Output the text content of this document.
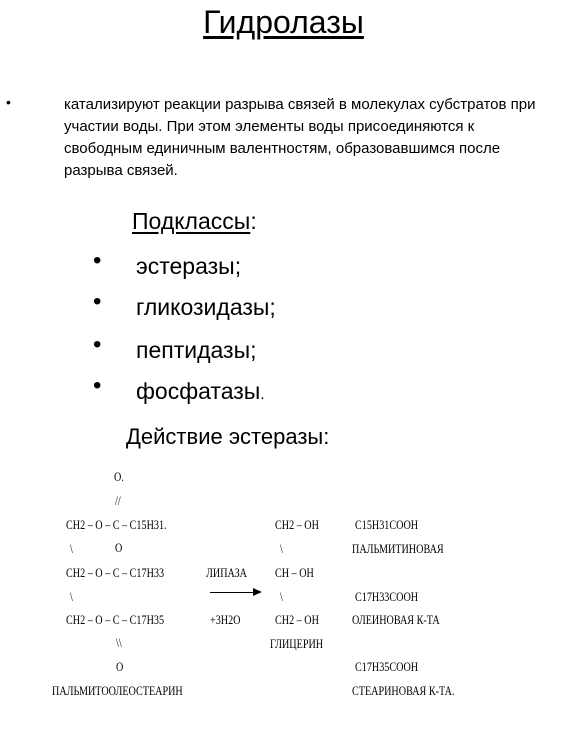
Гидролазы
•	катализируют реакции разрыва связей в молекулах субстратов при участии воды. При этом элементы воды присоединяются к свободным единичным валентностям, образовавшимся после разрыва связей.
Подклассы:
• эстеразы;
• гликозидазы;
• пептидазы;
• фосфатазы.
Действие эстеразы:
O.
//
CH2 – O – C – C15H31.
\	O
CH2 – O – C – C17H33
\
CH2 – O – C – C17H35
\\
O
ПАЛЬМИТООЛЕОСТЕАРИН
ЛИПАЗА
+3H2O
CH2 – OH
\
CH – OH
\
CH2 – OH
ГЛИЦЕРИН
C15H31COOH
ПАЛЬМИТИНОВАЯ
C17H33COOH
ОЛЕИНОВАЯ К-ТА
C17H35COOH
СТЕАРИНОВАЯ К-ТА.
